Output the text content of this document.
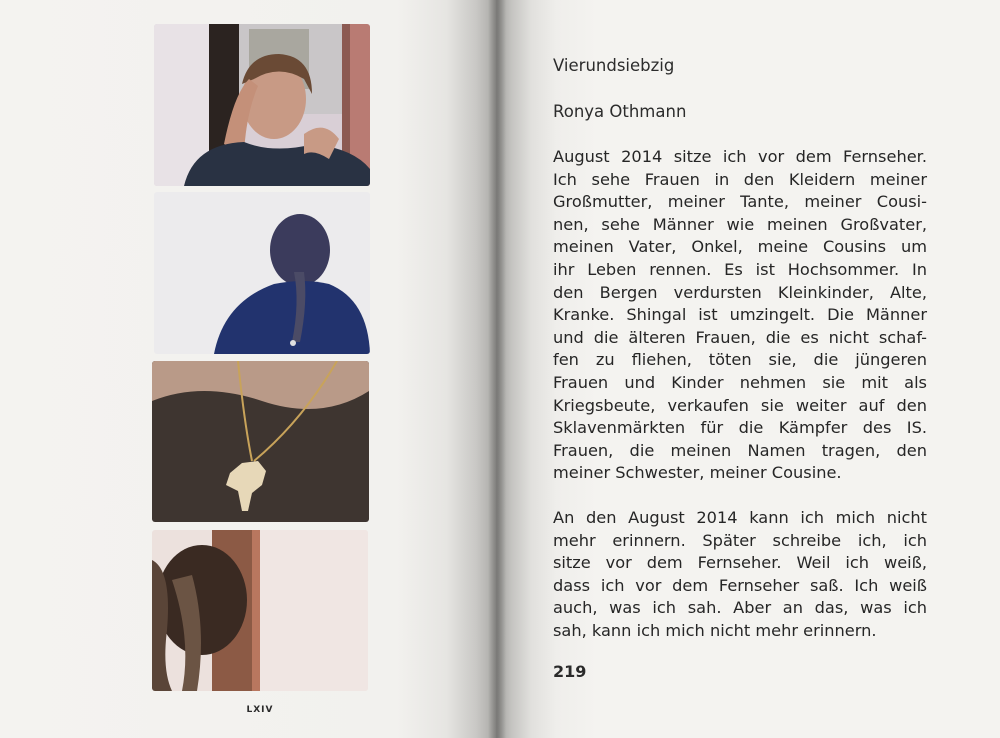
LXIV
Vierundsiebzig
Ronya Othmann
August 2014 sitze ich vor dem Fernseher.
Ich sehe Frauen in den Kleidern meiner
Großmutter, meiner Tante, meiner Cousi-
nen, sehe Männer wie meinen Großvater,
meinen Vater, Onkel, meine Cousins um
ihr Leben rennen. Es ist Hochsommer. In
den Bergen verdursten Kleinkinder, Alte,
Kranke. Shingal ist umzingelt. Die Männer
und die älteren Frauen, die es nicht schaf-
fen zu fliehen, töten sie, die jüngeren
Frauen und Kinder nehmen sie mit als
Kriegsbeute, verkaufen sie weiter auf den
Sklavenmärkten für die Kämpfer des IS.
Frauen, die meinen Namen tragen, den
meiner Schwester, meiner Cousine.
An den August 2014 kann ich mich nicht
mehr erinnern. Später schreibe ich, ich
sitze vor dem Fernseher. Weil ich weiß,
dass ich vor dem Fernseher saß. Ich weiß
auch, was ich sah. Aber an das, was ich
sah, kann ich mich nicht mehr erinnern.
219
